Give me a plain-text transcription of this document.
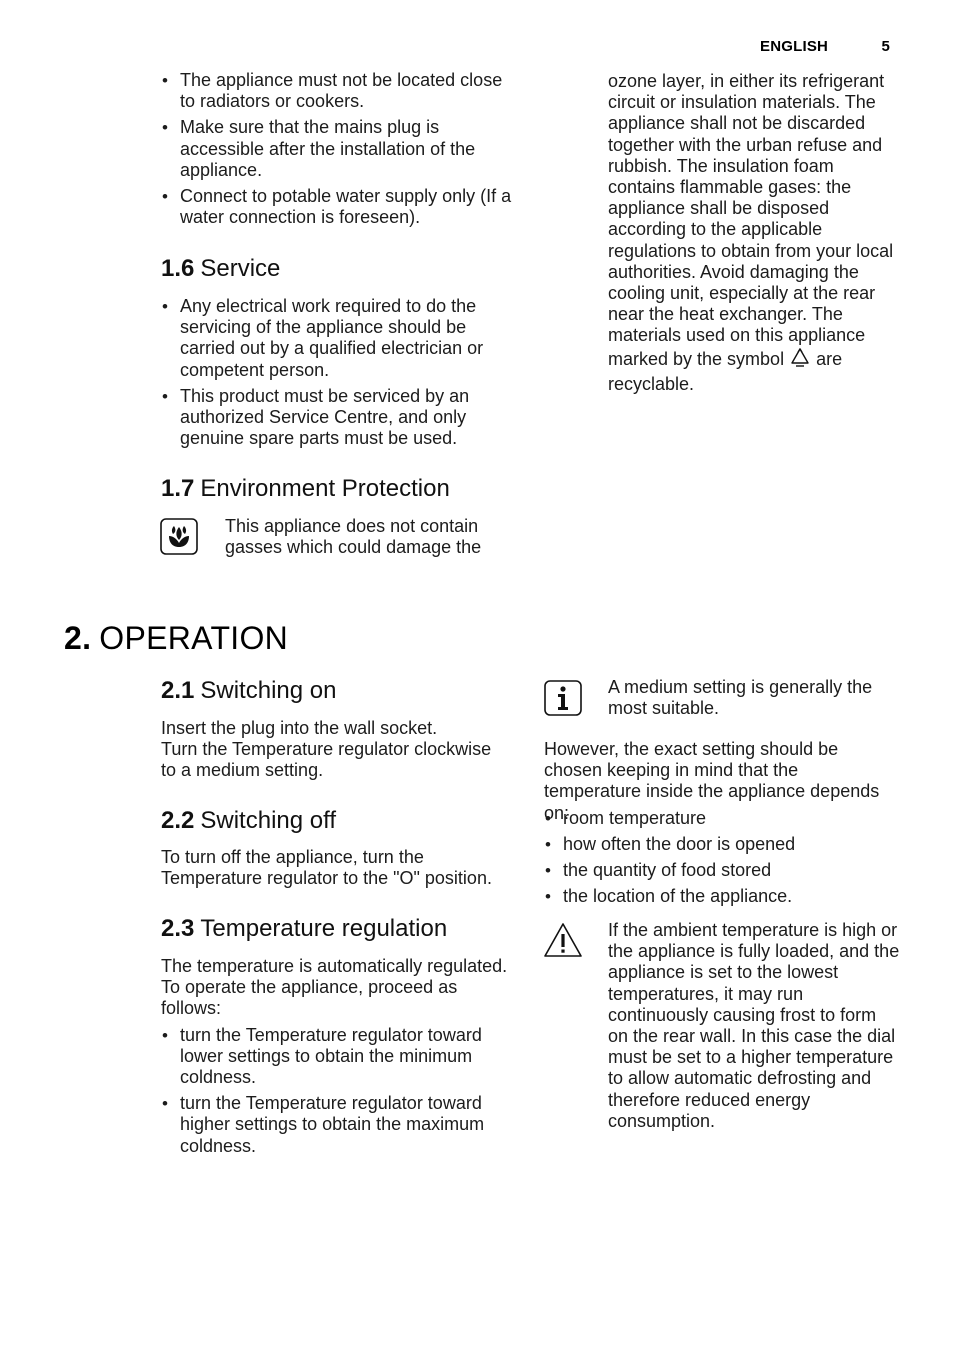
ENGLISH	5
• The appliance must not be located close to radiators or cookers.
• Make sure that the mains plug is accessible after the installation of the appliance.
• Connect to potable water supply only (If a water connection is foreseen).
1.6 Service
• Any electrical work required to do the servicing of the appliance should be carried out by a qualified electrician or competent person.
• This product must be serviced by an authorized Service Centre, and only genuine spare parts must be used.
1.7 Environment Protection

This appliance does not contain gasses which could damage the

ozone layer, in either its refrigerant circuit or insulation materials. The appliance shall not be discarded together with the urban refuse and rubbish. The insulation foam contains flammable gases: the appliance shall be disposed according to the applicable regulations to obtain from your local authorities. Avoid damaging the cooling unit, especially at the rear near the heat exchanger. The materials used on this appliance marked by the symbol are recyclable.

2. OPERATION
2.1 Switching on
Insert the plug into the wall socket.
Turn the Temperature regulator clockwise to a medium setting.
2.2 Switching off

To turn off the appliance, turn the Temperature regulator to the "O" position.

2.3 Temperature regulation
The temperature is automatically regulated.
To operate the appliance, proceed as follows:
• turn the Temperature regulator toward lower settings to obtain the minimum coldness.
• turn the Temperature regulator toward higher settings to obtain the maximum coldness.

A medium setting is generally the most suitable.

However, the exact setting should be chosen keeping in mind that the temperature inside the appliance depends on:

• room temperature
• how often the door is opened
• the quantity of food stored
• the location of the appliance.

If the ambient temperature is high or the appliance is fully loaded, and the appliance is set to the lowest temperatures, it may run continuously causing frost to form on the rear wall. In this case the dial must be set to a higher temperature to allow automatic defrosting and therefore reduced energy consumption.
